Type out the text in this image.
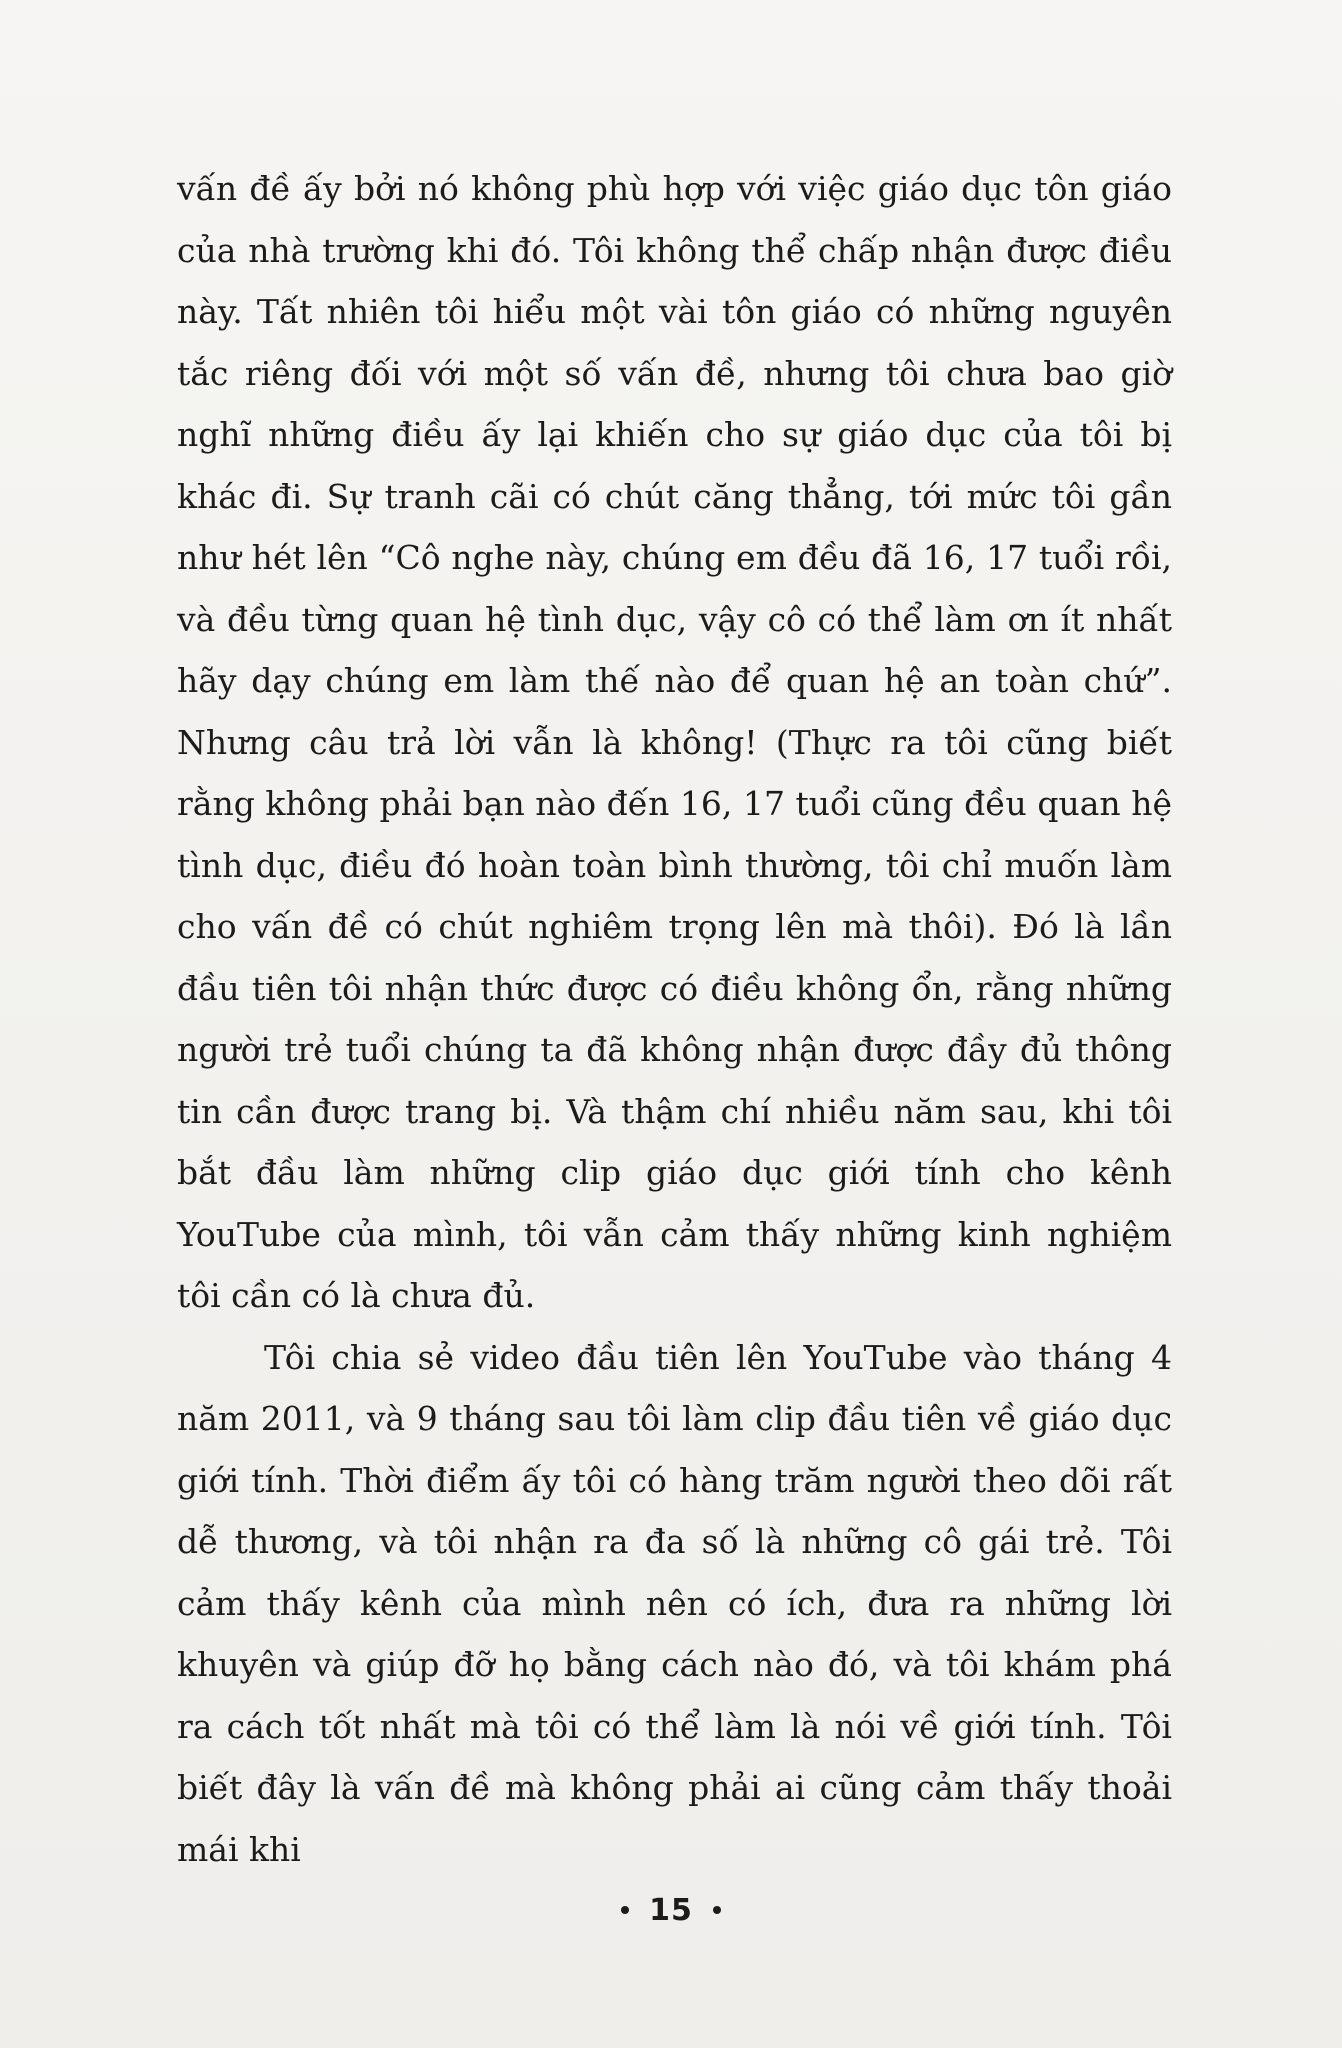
vấn đề ấy bởi nó không phù hợp với việc giáo dục tôn giáo của nhà trường khi đó. Tôi không thể chấp nhận được điều này. Tất nhiên tôi hiểu một vài tôn giáo có những nguyên tắc riêng đối với một số vấn đề, nhưng tôi chưa bao giờ nghĩ những điều ấy lại khiến cho sự giáo dục của tôi bị khác đi. Sự tranh cãi có chút căng thẳng, tới mức tôi gần như hét lên “Cô nghe này, chúng em đều đã 16, 17 tuổi rồi, và đều từng quan hệ tình dục, vậy cô có thể làm ơn ít nhất hãy dạy chúng em làm thế nào để quan hệ an toàn chứ”. Nhưng câu trả lời vẫn là không! (Thực ra tôi cũng biết rằng không phải bạn nào đến 16, 17 tuổi cũng đều quan hệ tình dục, điều đó hoàn toàn bình thường, tôi chỉ muốn làm cho vấn đề có chút nghiêm trọng lên mà thôi). Đó là lần đầu tiên tôi nhận thức được có điều không ổn, rằng những người trẻ tuổi chúng ta đã không nhận được đầy đủ thông tin cần được trang bị. Và thậm chí nhiều năm sau, khi tôi bắt đầu làm những clip giáo dục giới tính cho kênh YouTube của mình, tôi vẫn cảm thấy những kinh nghiệm tôi cần có là chưa đủ.

Tôi chia sẻ video đầu tiên lên YouTube vào tháng 4 năm 2011, và 9 tháng sau tôi làm clip đầu tiên về giáo dục giới tính. Thời điểm ấy tôi có hàng trăm người theo dõi rất dễ thương, và tôi nhận ra đa số là những cô gái trẻ. Tôi cảm thấy kênh của mình nên có ích, đưa ra những lời khuyên và giúp đỡ họ bằng cách nào đó, và tôi khám phá ra cách tốt nhất mà tôi có thể làm là nói về giới tính. Tôi biết đây là vấn đề mà không phải ai cũng cảm thấy thoải mái khi

15
